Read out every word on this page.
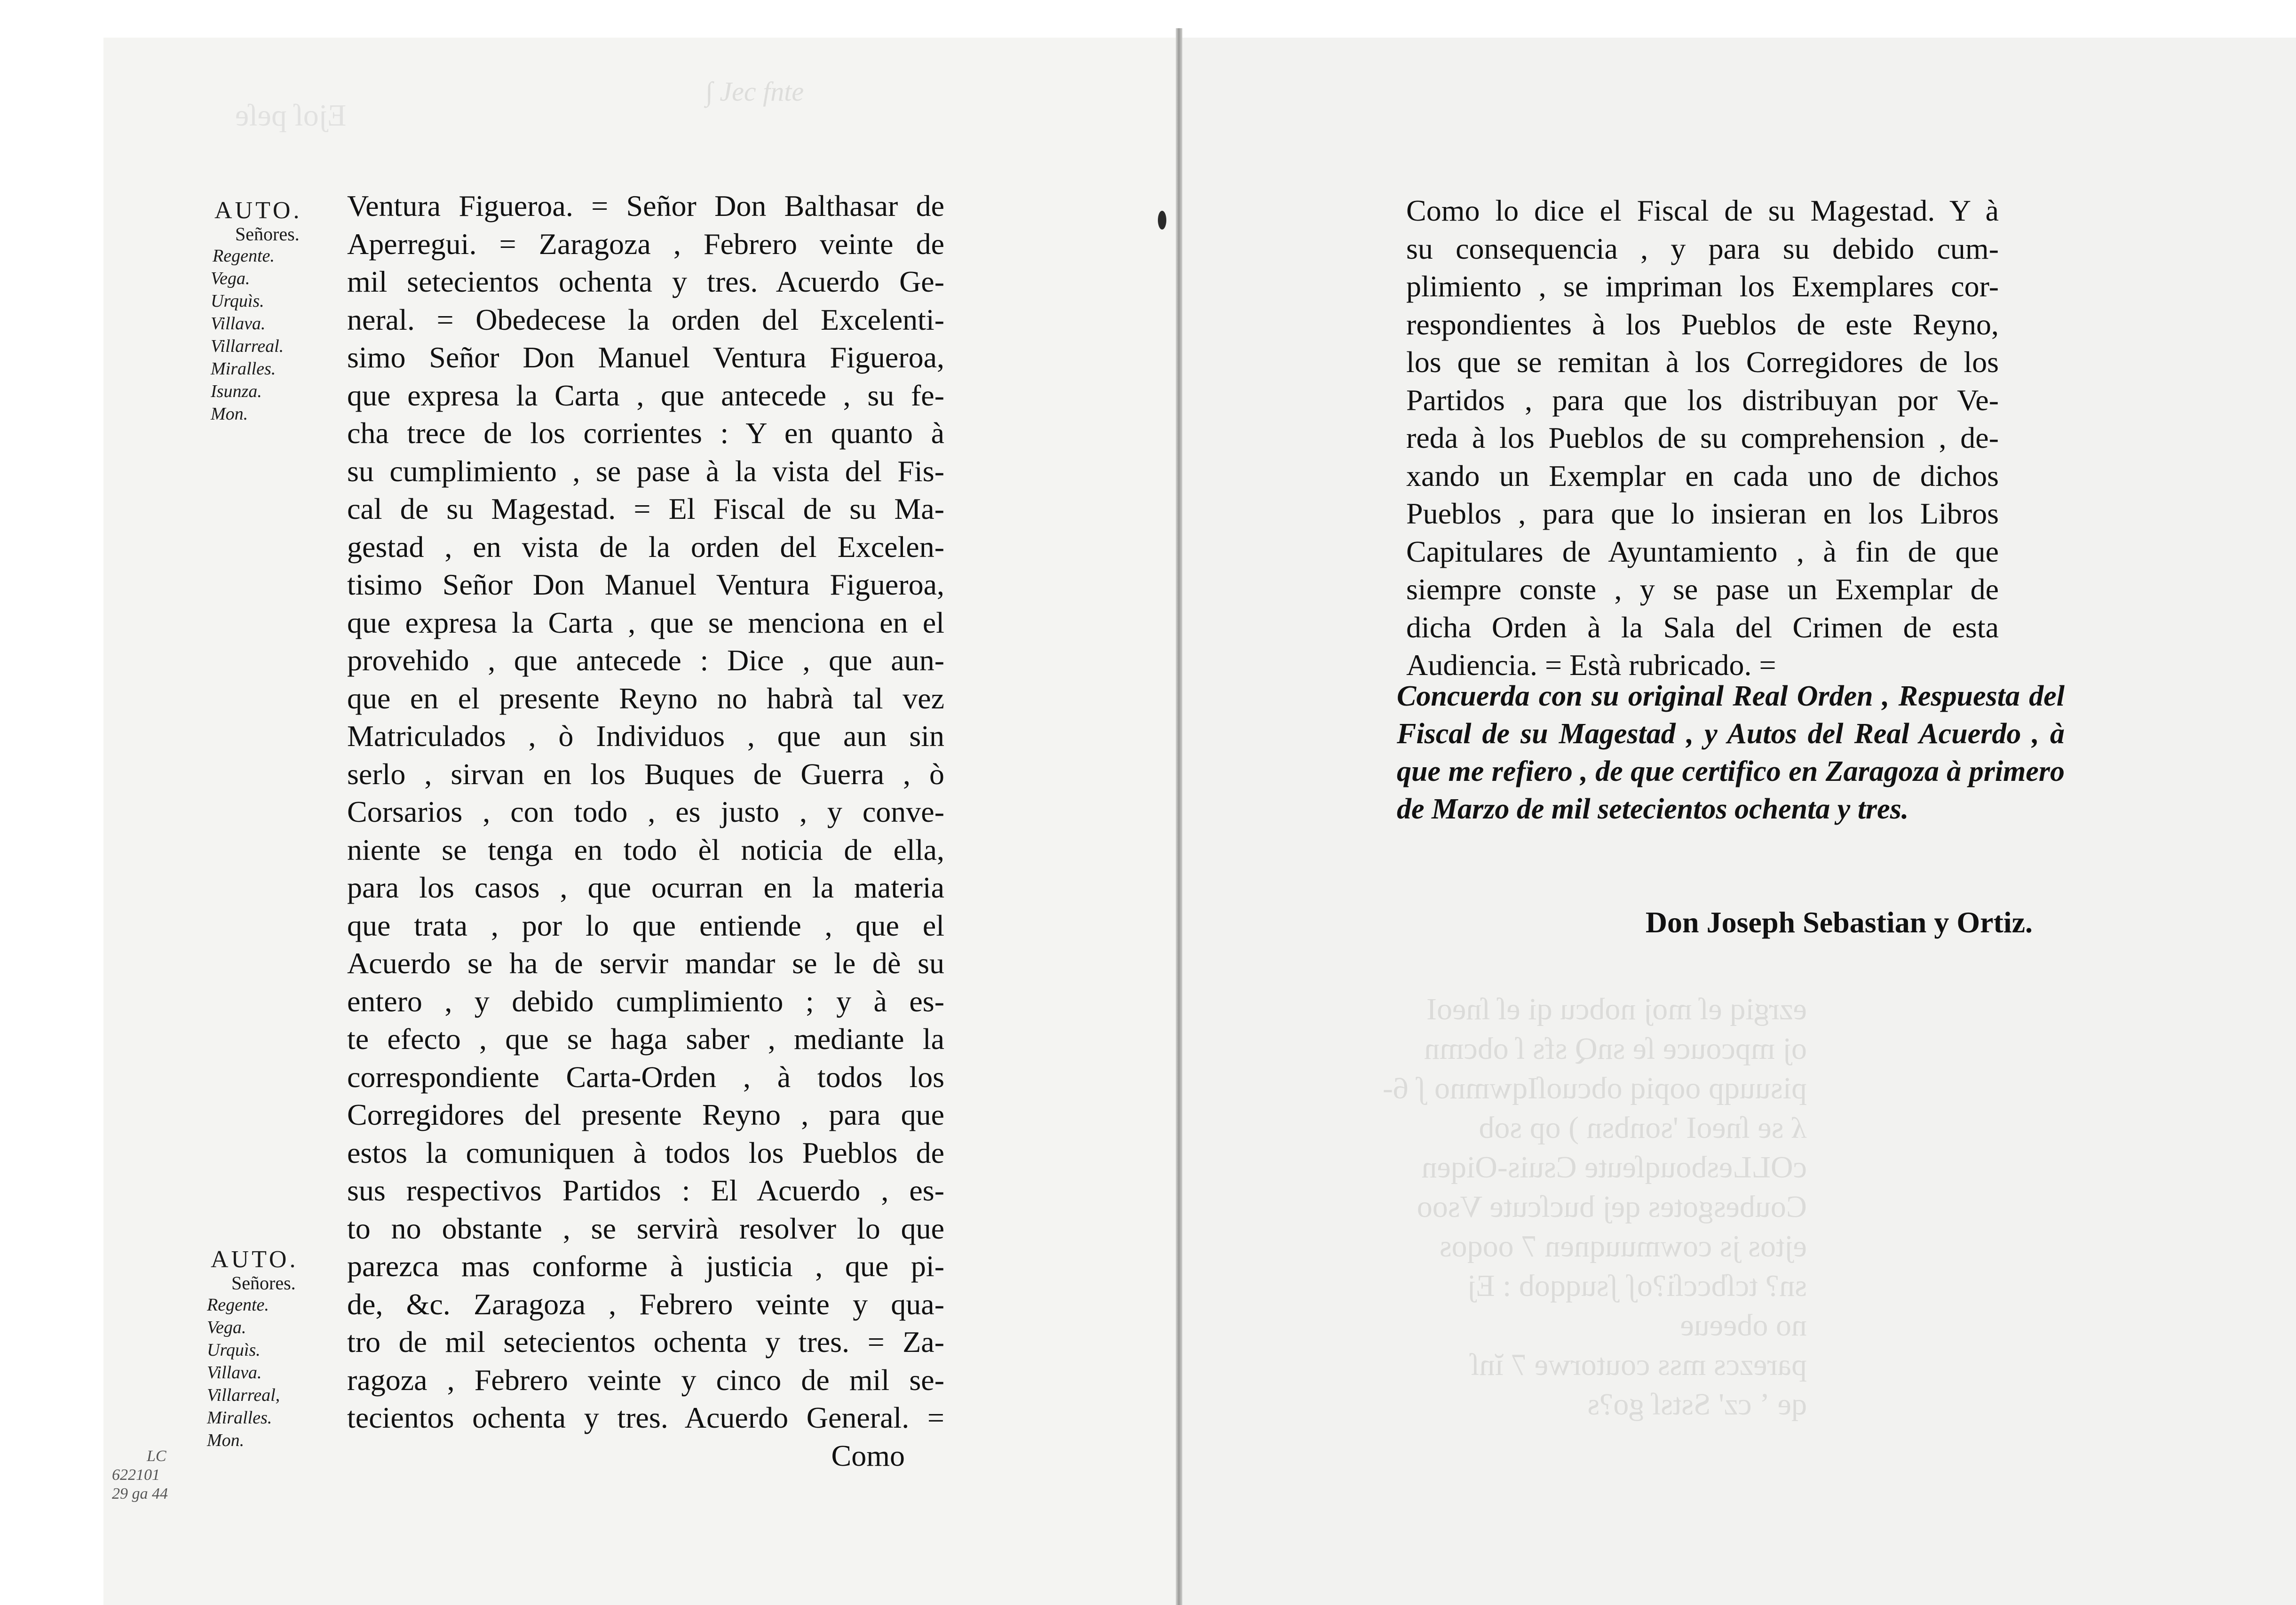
ezrgiq eſ moj nobcu qi eſ ſneoI
oj mpcouce ſe snQ sfs ſ obcmn
pisuuqp oopiq obcuoſIqwmno ʃ 6-
ʎ se ſneoI 'sonbsn ) op sob
cOLLesbouqſeute Csuis-Oiqen
Coubesgotes qej bucſcute Vsoo
ejtos js cowmuuqnen 7 ooqos
sn? tcſbccſi?oʃ ʃsuqqob : Ej
no obeeue
parezcs mss coutorwe 7 ĭnſ
qe ʽ cz' Sstsſ go?s

Ejoſ peſe

∫ Jec fnte
AUTO.
Señores.
Regente.
Vega.
Urquìs.
Villava.
Villarreal.
Miralles.
Isunza.
Mon.
AUTO.
Señores.
Regente.
Vega.
Urquìs.
Villava.
Villarreal,
Miralles.
Mon.
Ventura Figueroa. = Señor Don Balthasar de
Aperregui. = Zaragoza , Febrero veinte de
mil setecientos ochenta y tres. Acuerdo Ge-
neral. = Obedecese la orden del Excelenti-
simo Señor Don Manuel Ventura Figueroa,
que expresa la Carta , que antecede , su fe-
cha trece de los corrientes : Y en quanto à
su cumplimiento , se pase à la vista del Fis-
cal de su Magestad. = El Fiscal de su Ma-
gestad , en vista de la orden del Excelen-
tisimo Señor Don Manuel Ventura Figueroa,
que expresa la Carta , que se menciona en el
provehido , que antecede : Dice , que aun-
que en el presente Reyno no habrà tal vez
Matriculados , ò Individuos , que aun sin
serlo , sirvan en los Buques de Guerra , ò
Corsarios , con todo , es justo , y conve-
niente se tenga en todo èl noticia de ella,
para los casos , que ocurran en la materia
que trata , por lo que entiende , que el
Acuerdo se ha de servir mandar se le dè su
entero , y debido cumplimiento ; y à es-
te efecto , que se haga saber , mediante la
correspondiente Carta-Orden , à todos los
Corregidores del presente Reyno , para que
estos la comuniquen à todos los Pueblos de
sus respectivos Partidos : El Acuerdo , es-
to no obstante , se servirà resolver lo que
parezca mas conforme à justicia , que pi-
de, &c. Zaragoza , Febrero veinte y qua-
tro de mil setecientos ochenta y tres. = Za-
ragoza , Febrero veinte y cinco de mil se-
tecientos ochenta y tres. Acuerdo General. =
Como
LC
622101
29 ga 44
Como lo dice el Fiscal de su Magestad. Y à
su consequencia , y para su debido cum-
plimiento , se impriman los Exemplares cor-
respondientes à los Pueblos de este Reyno,
los que se remitan à los Corregidores de los
Partidos , para que los distribuyan por Ve-
reda à los Pueblos de su comprehension , de-
xando un Exemplar en cada uno de dichos
Pueblos , para que lo insieran en los Libros
Capitulares de Ayuntamiento , à fin de que
siempre conste , y se pase un Exemplar de
dicha Orden à la Sala del Crimen de esta
Audiencia. = Està rubricado. =
Concuerda con su original Real Orden , Respuesta del Fiscal de su Magestad , y Autos del Real Acuerdo , à que me refiero , de que certifico en Zaragoza à primero de Marzo de mil setecientos ochenta y tres.
Don Joseph Sebastian y Ortiz.
